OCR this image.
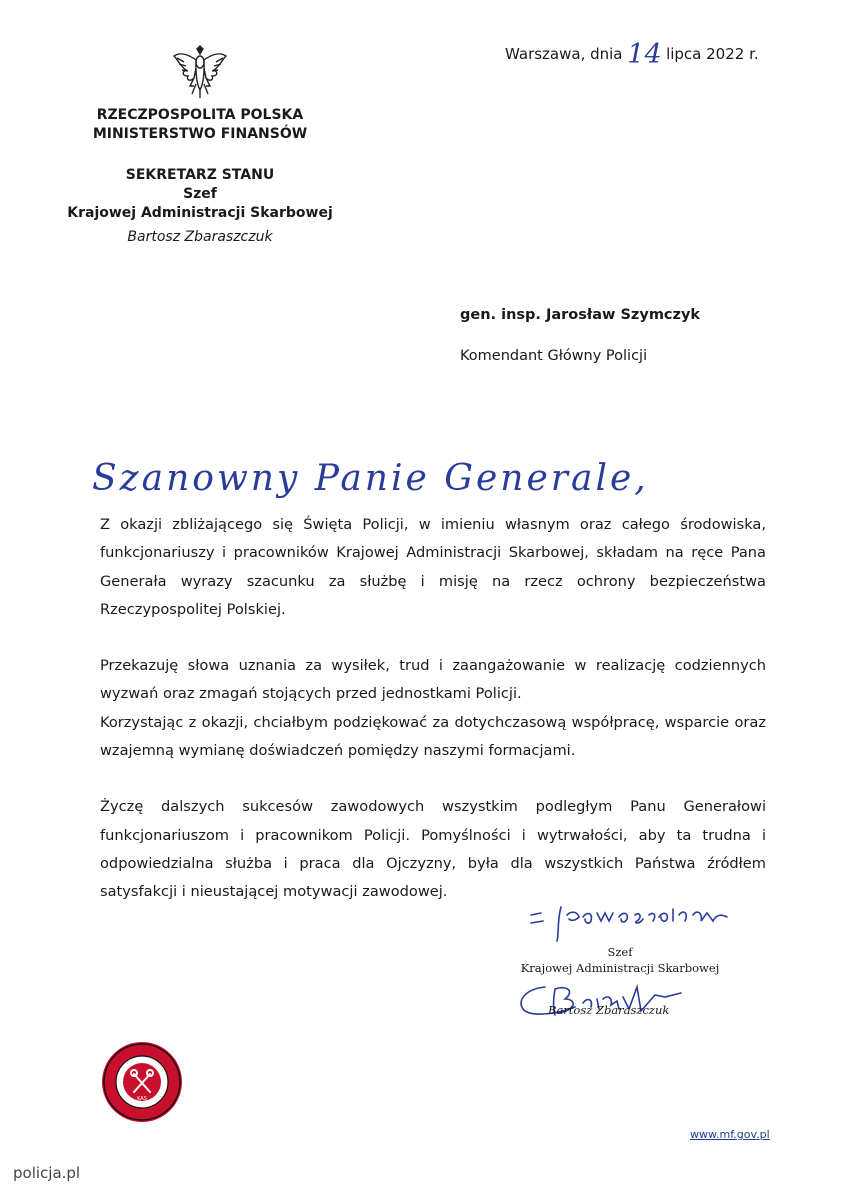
Warszawa, dnia 14 lipca 2022 r.
RZECZPOSPOLITA POLSKA
MINISTERSTWO FINANSÓW
SEKRETARZ STANU
Szef
Krajowej Administracji Skarbowej
Bartosz Zbaraszczuk
gen. insp. Jarosław Szymczyk
Komendant Główny Policji
Szanowny Panie Generale,

Z okazji zbliżającego się Święta Policji, w imieniu własnym oraz całego środowiska, funkcjonariuszy i pracowników Krajowej Administracji Skarbowej, składam na ręce Pana Generała wyrazy szacunku za służbę i misję na rzecz ochrony bezpieczeństwa Rzeczypospolitej Polskiej.

Przekazuję słowa uznania za wysiłek, trud i zaangażowanie w realizację codziennych wyzwań oraz zmagań stojących przed jednostkami Policji.

Korzystając z okazji, chciałbym podziękować za dotychczasową współpracę, wsparcie oraz wzajemną wymianę doświadczeń pomiędzy naszymi formacjami.

Życzę dalszych sukcesów zawodowych wszystkim podległym Panu Generałowi funkcjonariuszom i pracownikom Policji. Pomyślności i wytrwałości, aby ta trudna i odpowiedzialna służba i praca dla Ojczyzny, była dla wszystkich Państwa źródłem satysfakcji i nieustającej motywacji zawodowej.

Szef
Krajowej Administracji Skarbowej
Bartosz Zbaraszczuk
KAS
www.mf.gov.pl
policja.pl
